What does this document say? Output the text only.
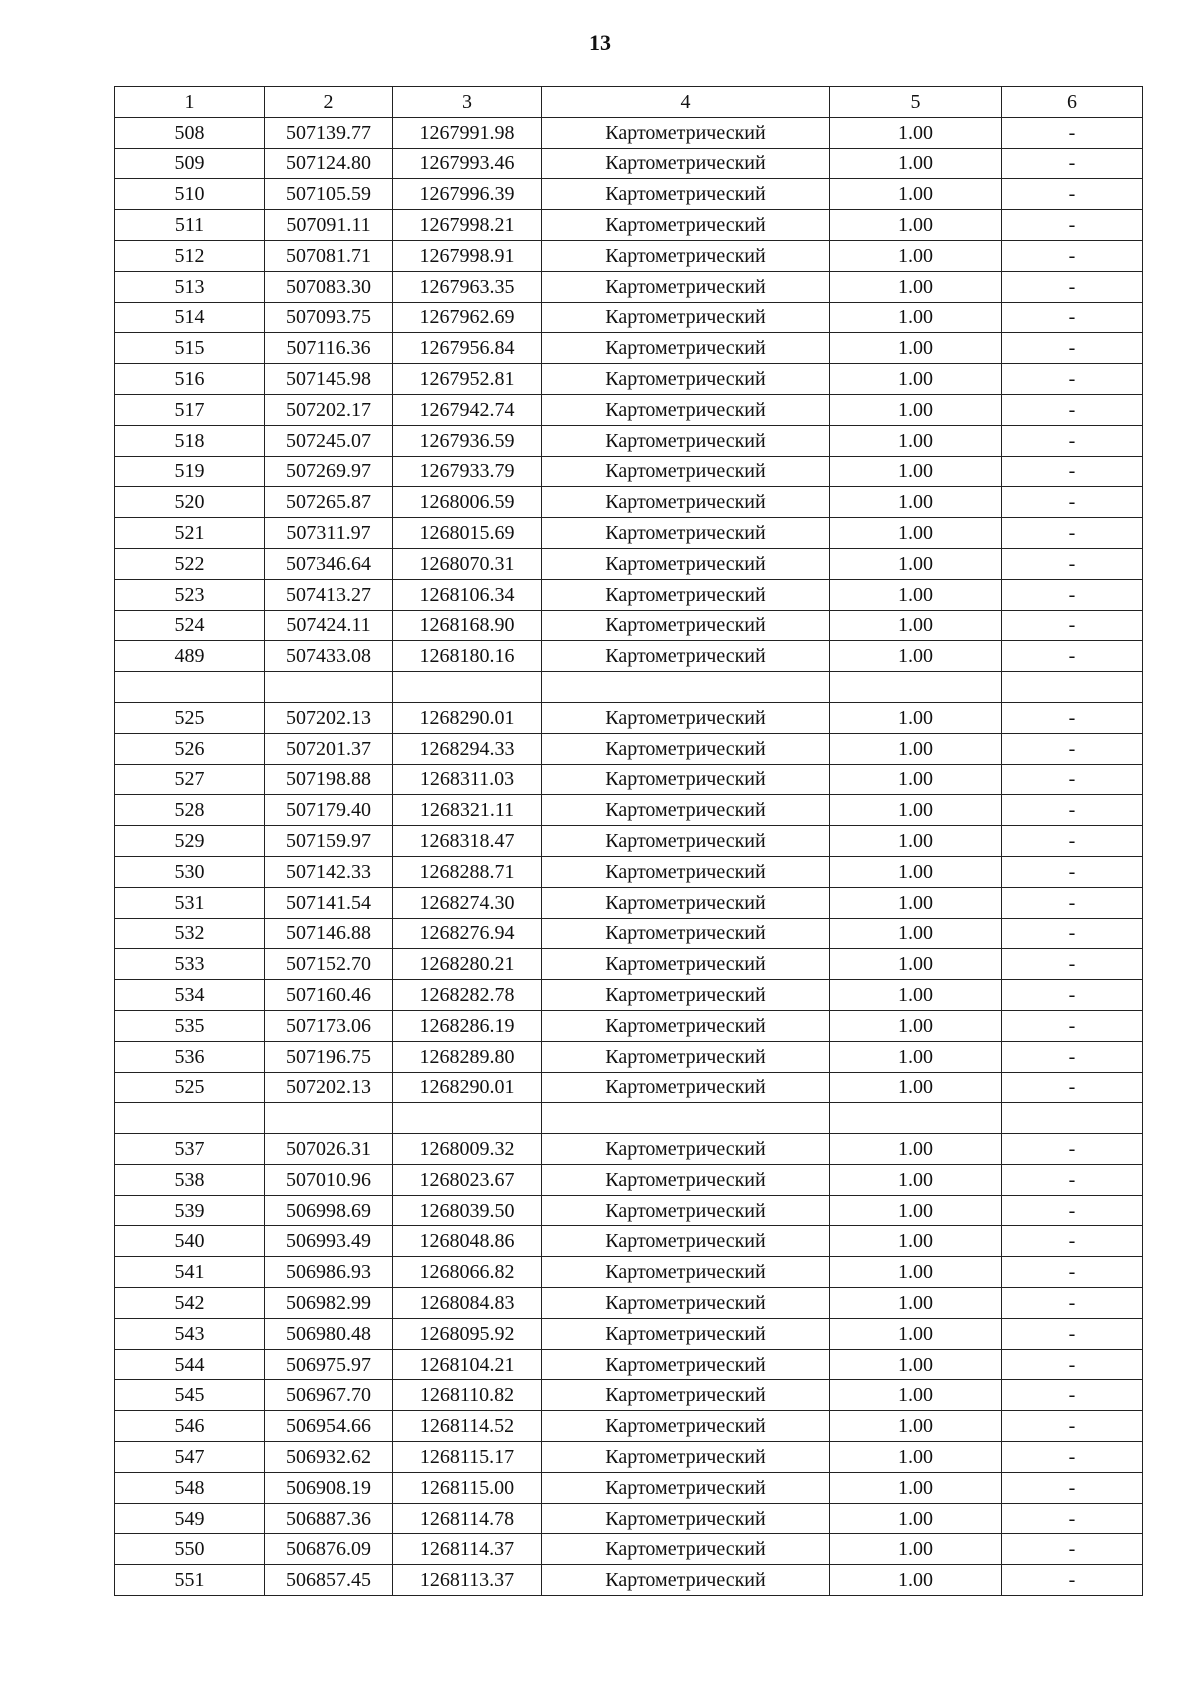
13
1	2	3	4	5	6
508	507139.77	1267991.98	Картометрический	1.00	-
509	507124.80	1267993.46	Картометрический	1.00	-
510	507105.59	1267996.39	Картометрический	1.00	-
511	507091.11	1267998.21	Картометрический	1.00	-
512	507081.71	1267998.91	Картометрический	1.00	-
513	507083.30	1267963.35	Картометрический	1.00	-
514	507093.75	1267962.69	Картометрический	1.00	-
515	507116.36	1267956.84	Картометрический	1.00	-
516	507145.98	1267952.81	Картометрический	1.00	-
517	507202.17	1267942.74	Картометрический	1.00	-
518	507245.07	1267936.59	Картометрический	1.00	-
519	507269.97	1267933.79	Картометрический	1.00	-
520	507265.87	1268006.59	Картометрический	1.00	-
521	507311.97	1268015.69	Картометрический	1.00	-
522	507346.64	1268070.31	Картометрический	1.00	-
523	507413.27	1268106.34	Картометрический	1.00	-
524	507424.11	1268168.90	Картометрический	1.00	-
489	507433.08	1268180.16	Картометрический	1.00	-

525	507202.13	1268290.01	Картометрический	1.00	-
526	507201.37	1268294.33	Картометрический	1.00	-
527	507198.88	1268311.03	Картометрический	1.00	-
528	507179.40	1268321.11	Картометрический	1.00	-
529	507159.97	1268318.47	Картометрический	1.00	-
530	507142.33	1268288.71	Картометрический	1.00	-
531	507141.54	1268274.30	Картометрический	1.00	-
532	507146.88	1268276.94	Картометрический	1.00	-
533	507152.70	1268280.21	Картометрический	1.00	-
534	507160.46	1268282.78	Картометрический	1.00	-
535	507173.06	1268286.19	Картометрический	1.00	-
536	507196.75	1268289.80	Картометрический	1.00	-
525	507202.13	1268290.01	Картометрический	1.00	-

537	507026.31	1268009.32	Картометрический	1.00	-
538	507010.96	1268023.67	Картометрический	1.00	-
539	506998.69	1268039.50	Картометрический	1.00	-
540	506993.49	1268048.86	Картометрический	1.00	-
541	506986.93	1268066.82	Картометрический	1.00	-
542	506982.99	1268084.83	Картометрический	1.00	-
543	506980.48	1268095.92	Картометрический	1.00	-
544	506975.97	1268104.21	Картометрический	1.00	-
545	506967.70	1268110.82	Картометрический	1.00	-
546	506954.66	1268114.52	Картометрический	1.00	-
547	506932.62	1268115.17	Картометрический	1.00	-
548	506908.19	1268115.00	Картометрический	1.00	-
549	506887.36	1268114.78	Картометрический	1.00	-
550	506876.09	1268114.37	Картометрический	1.00	-
551	506857.45	1268113.37	Картометрический	1.00	-
